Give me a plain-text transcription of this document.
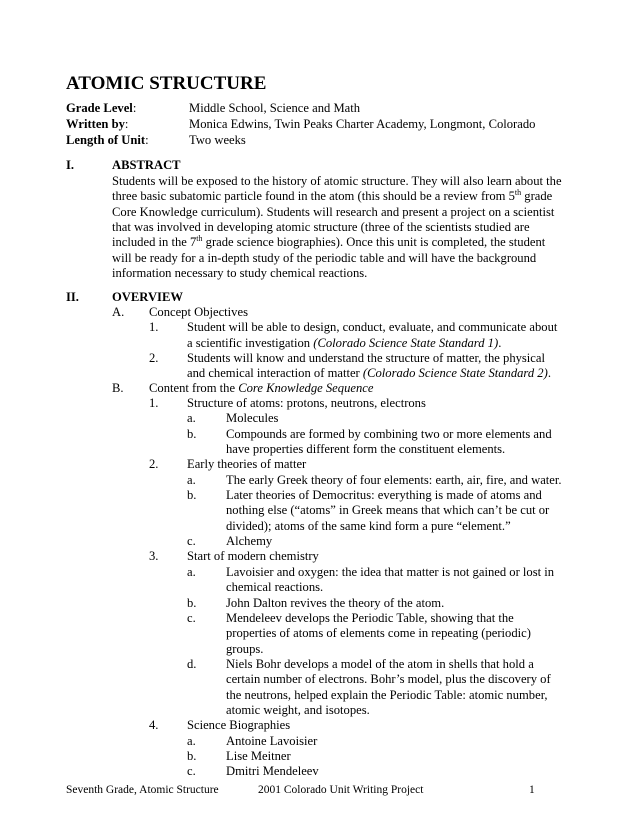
ATOMIC STRUCTURE
Grade Level:	Middle School, Science and Math
Written by:	Monica Edwins, Twin Peaks Charter Academy, Longmont, Colorado
Length of Unit:	Two weeks
I.	ABSTRACT
Students will be exposed to the history of atomic structure. They will also learn about the
three basic subatomic particle found in the atom (this should be a review from 5th grade
Core Knowledge curriculum). Students will research and present a project on a scientist
that was involved in developing atomic structure (three of the scientists studied are
included in the 7th grade science biographies). Once this unit is completed, the student
will be ready for a in-depth study of the periodic table and will have the background
information necessary to study chemical reactions.
II.	OVERVIEW
A. Concept Objectives
1. Student will be able to design, conduct, evaluate, and communicate about
a scientific investigation (Colorado Science State Standard 1).
2. Students will know and understand the structure of matter, the physical
and chemical interaction of matter (Colorado Science State Standard 2).
B. Content from the Core Knowledge Sequence
1. Structure of atoms: protons, neutrons, electrons
a. Molecules
b. Compounds are formed by combining two or more elements and
have properties different form the constituent elements.
2. Early theories of matter
a. The early Greek theory of four elements: earth, air, fire, and water.
b. Later theories of Democritus: everything is made of atoms and
nothing else (“atoms” in Greek means that which can’t be cut or
divided); atoms of the same kind form a pure “element.”
c. Alchemy
3. Start of modern chemistry
a. Lavoisier and oxygen: the idea that matter is not gained or lost in
chemical reactions.
b. John Dalton revives the theory of the atom.
c. Mendeleev develops the Periodic Table, showing that the
properties of atoms of elements come in repeating (periodic)
groups.
d. Niels Bohr develops a model of the atom in shells that hold a
certain number of electrons. Bohr’s model, plus the discovery of
the neutrons, helped explain the Periodic Table: atomic number,
atomic weight, and isotopes.
4. Science Biographies
a. Antoine Lavoisier
b. Lise Meitner
c. Dmitri Mendeleev
Seventh Grade, Atomic Structure	2001 Colorado Unit Writing Project	1
